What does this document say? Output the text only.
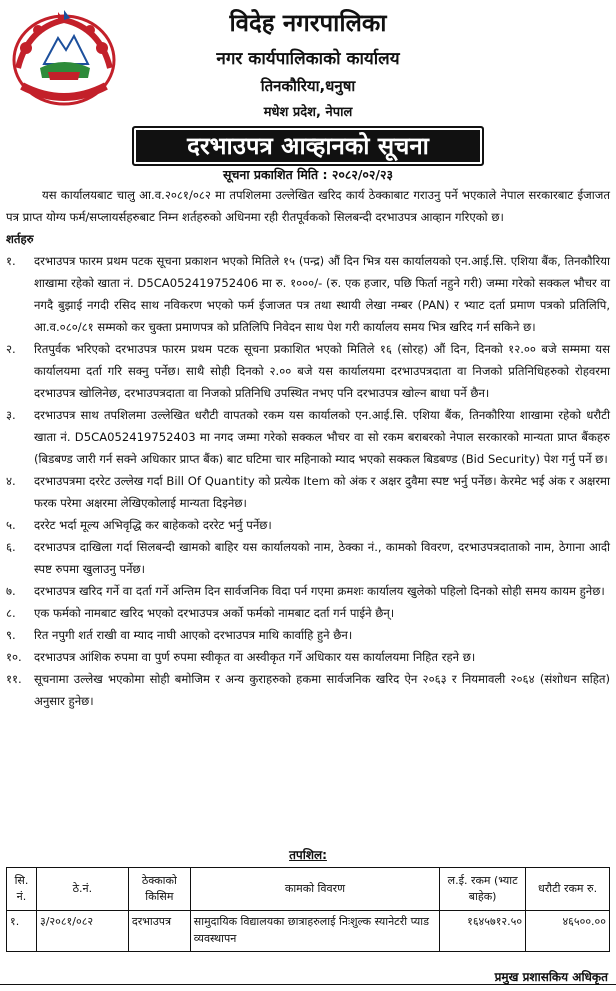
विदेह नगरपालिका
नगर कार्यपालिकाको कार्यालय
तिनकौरिया,धनुषा
मधेश प्रदेश, नेपाल
दरभाउपत्र आव्हानको सूचना
सूचना प्रकाशित मिति : २०८२/०२/२३

यस कार्यालयबाट चालु आ.व.२०८१/०८२ मा तपशिलमा उल्लेखित खरिद कार्य ठेक्काबाट गराउनु पर्ने भएकाले नेपाल सरकारबाट ईजाजत पत्र प्राप्त योग्य फर्म/सप्लायर्सहरुबाट निम्न शर्तहरुको अधिनमा रही रीतपूर्वकको सिलबन्दी दरभाउपत्र आव्हान गरिएको छ।

शर्तहरु

१.	दरभाउपत्र फारम प्रथम पटक सूचना प्रकाशन भएको मितिले १५ (पन्द्र) औं दिन भित्र यस कार्यालयको एन.आई.सि. एशिया बैंक, तिनकौरिया शाखामा रहेको खाता नं. D5CA052419752406 मा रु. १०००/- (रु. एक हजार, पछि फिर्ता नहुने गरी) जम्मा गरेको सक्कल भौचर वा नगदै बुझाई नगदी रसिद साथ नविकरण भएको फर्म ईजाजत पत्र तथा स्थायी लेखा नम्बर (PAN) र भ्याट दर्ता प्रमाण पत्रको प्रतिलिपि, आ.व.०८०/८१ सम्मको कर चुक्ता प्रमाणपत्र को प्रतिलिपि निवेदन साथ पेश गरी कार्यालय समय भित्र खरिद गर्न सकिने छ।
२.	रितपुर्वक भरिएको दरभाउपत्र फारम प्रथम पटक सूचना प्रकाशित भएको मितिले १६ (सोरह) औं दिन, दिनको १२.०० बजे सम्ममा यस कार्यालयमा दर्ता गरि सक्नु पर्नेछ। साथै सोही दिनको २.०० बजे यस कार्यालयमा दरभाउपत्रदाता वा निजको प्रतिनिधिहरुको रोहवरमा दरभाउपत्र खोलिनेछ, दरभाउपत्रदाता वा निजको प्रतिनिधि उपस्थित नभए पनि दरभाउपत्र खोल्न बाधा पर्ने छैन।
३.	दरभाउपत्र साथ तपशिलमा उल्लेखित धरौटी वापतको रकम यस कार्यालको एन.आई.सि. एशिया बैंक, तिनकौरिया शाखामा रहेको धरौटी खाता नं. D5CA052419752403 मा नगद जम्मा गरेको सक्कल भौचर वा सो रकम बराबरको नेपाल सरकारको मान्यता प्राप्त बैंकहरु (बिडबण्ड जारी गर्न सक्ने अधिकार प्राप्त बैंक) बाट घटिमा चार महिनाको म्याद भएको सक्कल बिडबण्ड (Bid Security) पेश गर्नु पर्ने छ।
४.	दरभाउपत्रमा दररेट उल्लेख गर्दा Bill Of Quantity को प्रत्येक Item को अंक र अक्षर दुवैमा स्पष्ट भर्नु पर्नेछ। केरमेट भई अंक र अक्षरमा फरक परेमा अक्षरमा लेखिएकोलाई मान्यता दिइनेछ।
५.	दररेट भर्दा मूल्य अभिवृद्धि कर बाहेकको दररेट भर्नु पर्नेछ।
६.	दरभाउपत्र दाखिला गर्दा सिलबन्दी खामको बाहिर यस कार्यालयको नाम, ठेक्का नं., कामको विवरण, दरभाउपत्रदाताको नाम, ठेगाना आदी स्पष्ट रुपमा खुलाउनु पर्नेछ।
७.	दरभाउपत्र खरिद गर्ने वा दर्ता गर्ने अन्तिम दिन सार्वजनिक विदा पर्न गएमा क्रमशः कार्यालय खुलेको पहिलो दिनको सोही समय कायम हुनेछ।
८.	एक फर्मको नामबाट खरिद भएको दरभाउपत्र अर्को फर्मको नामबाट दर्ता गर्न पाईने छैन्।
९.	रित नपुगी शर्त राखी वा म्याद नाघी आएको दरभाउपत्र माथि कार्वाहि हुने छैन।
१०.	दरभाउपत्र आंशिक रुपमा वा पुर्ण रुपमा स्वीकृत वा अस्वीकृत गर्ने अधिकार यस कार्यालयमा निहित रहने छ।
११.	सूचनामा उल्लेख भएकोमा सोही बमोजिम र अन्य कुराहरुको हकमा सार्वजनिक खरिद ऐन २०६३ र नियमावली २०६४ (संशोधन सहित) अनुसार हुनेछ।
तपशिल:
सि. नं.	ठे.नं.	ठेक्काको किसिम	कामको विवरण	ल.ई. रकम (भ्याट बाहेक)	धरौटी रकम रु.
१.	३/२०८१/०८२	दरभाउपत्र	सामुदायिक विद्यालयका छात्राहरुलाई निःशुल्क स्यानेटरी प्याड व्यवस्थापन	१६४५७१२.५०	४६५००.००
प्रमुख प्रशासकिय अधिकृत
